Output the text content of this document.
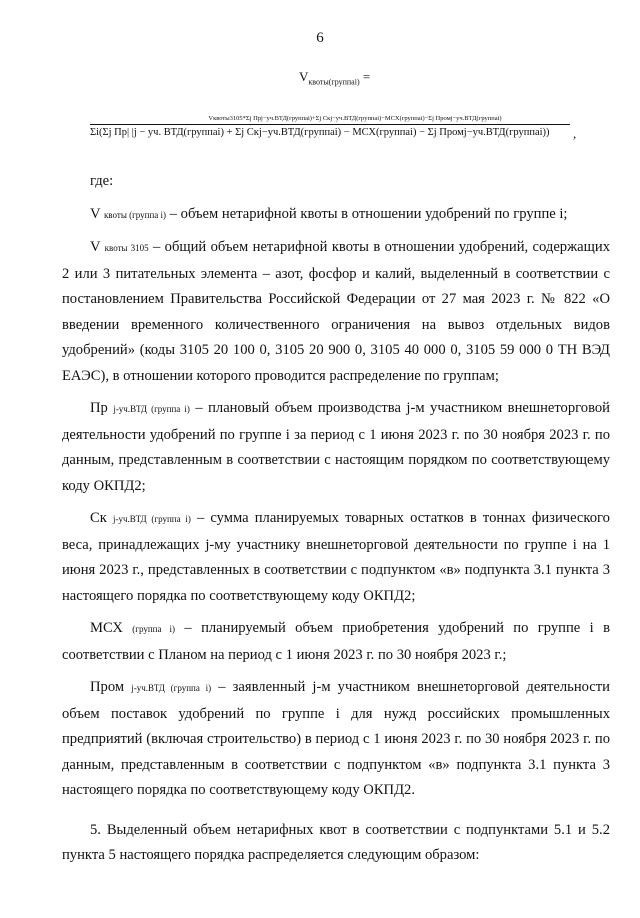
6
$V_{квоты(группаi)}$ =
Vквоты3105*Σj Прj−уч.ВТД(группаi)+Σj Скj−уч.ВТД(группаi)−МСХ(группаi)−Σj Промj−уч.ВТД(группаi)
Σi(Σj Пр| |j − уч. ВТД(группаi) + Σj Скj−уч.ВТД(группаi) − МСХ(группаi) − Σj Промj−уч.ВТД(группаi))	,

где:

V квоты (группа i) – объем нетарифной квоты в отношении удобрений по группе i;

V квоты 3105 – общий объем нетарифной квоты в отношении удобрений, содержащих 2 или 3 питательных элемента – азот, фосфор и калий, выделенный в соответствии с постановлением Правительства Российской Федерации от 27 мая 2023 г. № 822 «О введении временного количественного ограничения на вывоз отдельных видов удобрений» (коды 3105 20 100 0, 3105 20 900 0, 3105 40 000 0, 3105 59 000 0 ТН ВЭД ЕАЭС), в отношении которого проводится распределение по группам;

Пр j-уч.ВТД (группа i) – плановый объем производства j-м участником внешнеторговой деятельности удобрений по группе i за период с 1 июня 2023 г. по 30 ноября 2023 г. по данным, представленным в соответствии с настоящим порядком по соответствующему коду ОКПД2;

Ск j-уч.ВТД (группа i) – сумма планируемых товарных остатков в тоннах физического веса, принадлежащих j-му участнику внешнеторговой деятельности по группе i на 1 июня 2023 г., представленных в соответствии с подпунктом «в» подпункта 3.1 пункта 3 настоящего порядка по соответствующему коду ОКПД2;

МСХ (группа i) – планируемый объем приобретения удобрений по группе i в соответствии с Планом на период с 1 июня 2023 г. по 30 ноября 2023 г.;

Пром j-уч.ВТД (группа i) – заявленный j-м участником внешнеторговой деятельности объем поставок удобрений по группе i для нужд российских промышленных предприятий (включая строительство) в период с 1 июня 2023 г. по 30 ноября 2023 г. по данным, представленным в соответствии с подпунктом «в» подпункта 3.1 пункта 3 настоящего порядка по соответствующему коду ОКПД2.

5. Выделенный объем нетарифных квот в соответствии с подпунктами 5.1 и 5.2 пункта 5 настоящего порядка распределяется следующим образом:
